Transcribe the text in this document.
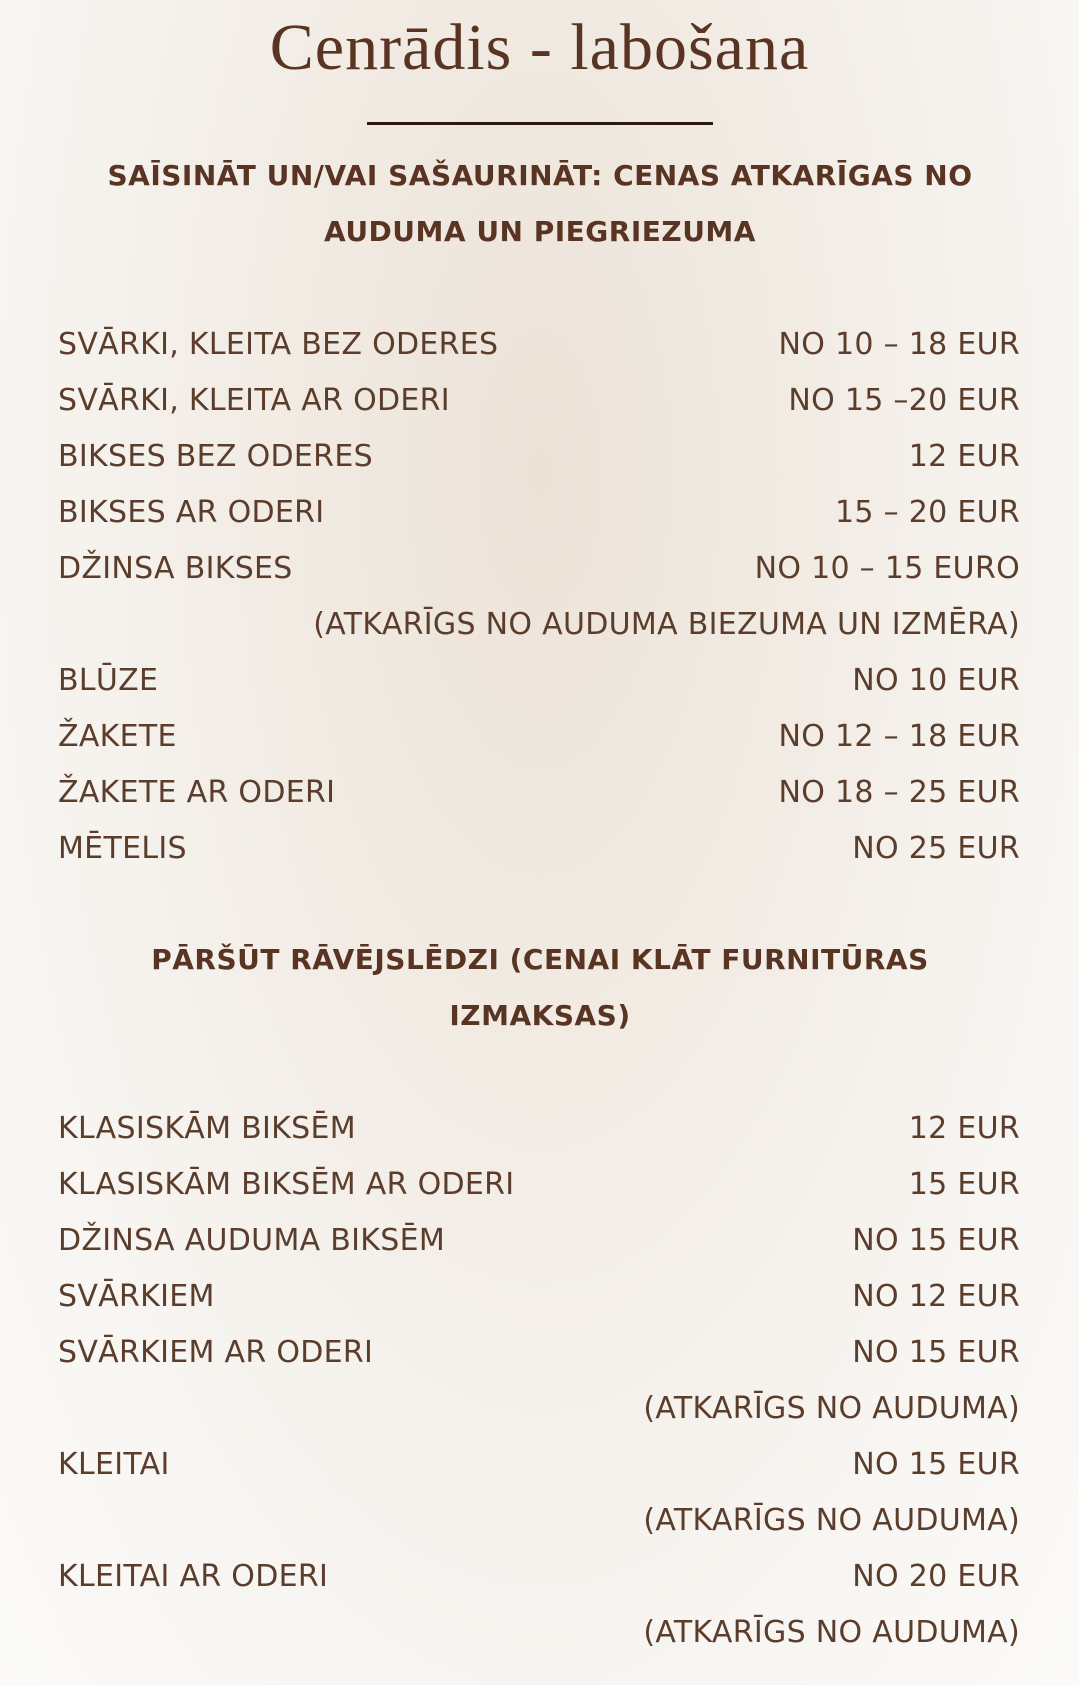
Cenrādis - labošana
SAĪSINĀT UN/VAI SAŠAURINĀT: CENAS ATKARĪGAS NO
AUDUMA UN PIEGRIEZUMA
SVĀRKI, KLEITA BEZ ODERES	NO 10 – 18 EUR
SVĀRKI, KLEITA AR ODERI	NO 15 –20 EUR
BIKSES BEZ ODERES	12 EUR
BIKSES AR ODERI	15 – 20 EUR
DŽINSA BIKSES	NO 10 – 15 EURO
(ATKARĪGS NO AUDUMA BIEZUMA UN IZMĒRA)
BLŪZE	NO 10 EUR
ŽAKETE	NO 12 – 18 EUR
ŽAKETE AR ODERI	NO 18 – 25 EUR
MĒTELIS	NO 25 EUR
PĀRŠŪT RĀVĒJSLĒDZI (CENAI KLĀT FURNITŪRAS
IZMAKSAS)
KLASISKĀM BIKSĒM	12 EUR
KLASISKĀM BIKSĒM AR ODERI	15 EUR
DŽINSA AUDUMA BIKSĒM	NO 15 EUR
SVĀRKIEM	NO 12 EUR
SVĀRKIEM AR ODERI	NO 15 EUR
(ATKARĪGS NO AUDUMA)
KLEITAI	NO 15 EUR
(ATKARĪGS NO AUDUMA)
KLEITAI AR ODERI	NO 20 EUR
(ATKARĪGS NO AUDUMA)
